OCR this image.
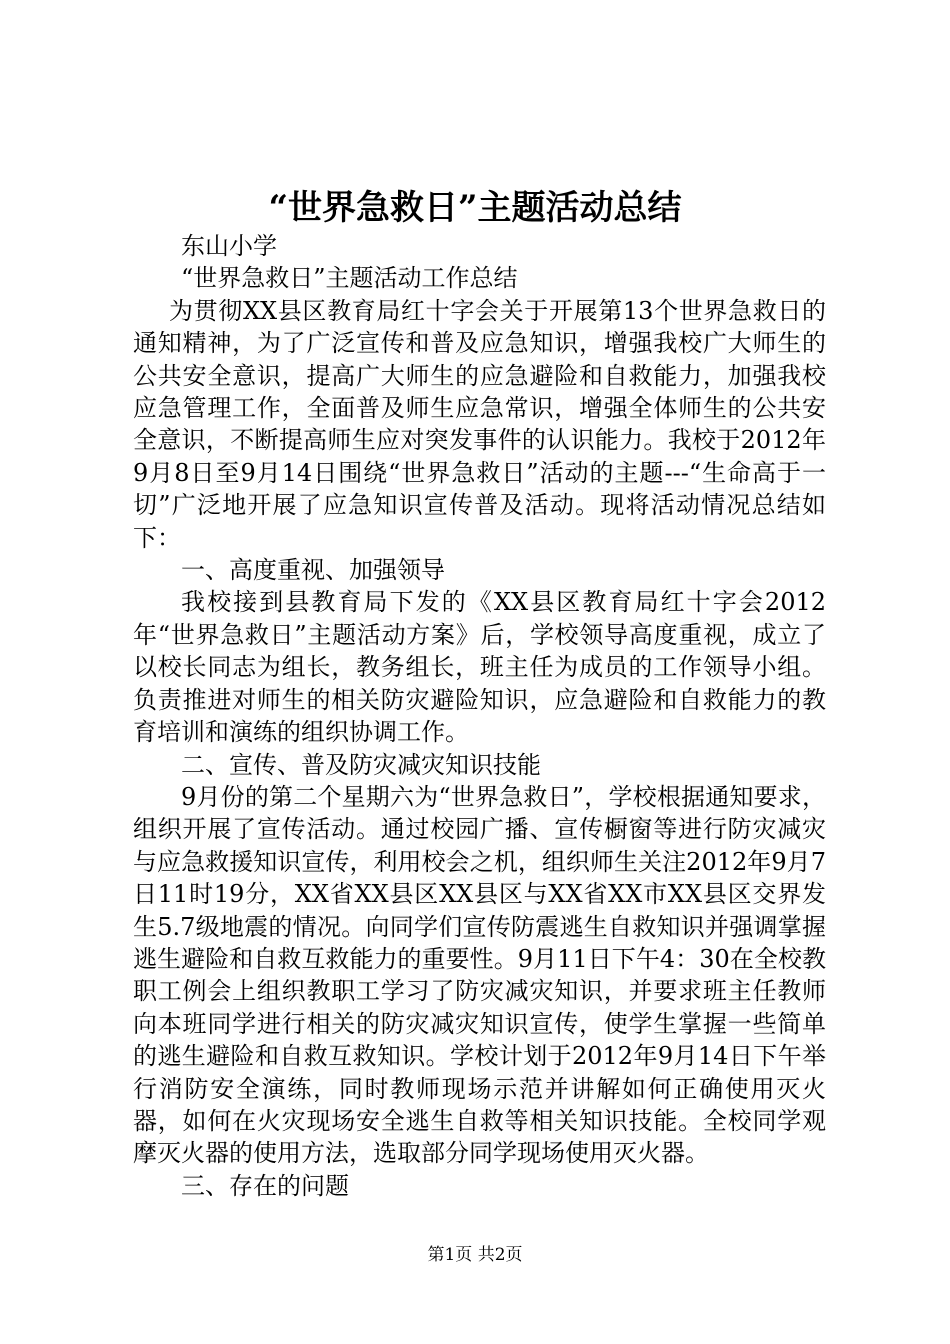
“世界急救日”主题活动总结

东山小学

“世界急救日”主题活动工作总结

为贯彻XX县区教育局红十字会关于开展第13个世界急救日的通知精神，为了广泛宣传和普及应急知识，增强我校广大师生的公共安全意识，提高广大师生的应急避险和自救能力，加强我校应急管理工作，全面普及师生应急常识，增强全体师生的公共安全意识，不断提高师生应对突发事件的认识能力。我校于2012年9月8日至9月14日围绕“世界急救日”活动的主题---“生命高于一切”广泛地开展了应急知识宣传普及活动。现将活动情况总结如下：

一、高度重视、加强领导

我校接到县教育局下发的《XX县区教育局红十字会2012年“世界急救日”主题活动方案》后，学校领导高度重视，成立了以校长同志为组长，教务组长，班主任为成员的工作领导小组。负责推进对师生的相关防灾避险知识，应急避险和自救能力的教育培训和演练的组织协调工作。

二、宣传、普及防灾减灾知识技能

9月份的第二个星期六为“世界急救日”，学校根据通知要求，组织开展了宣传活动。通过校园广播、宣传橱窗等进行防灾减灾与应急救援知识宣传，利用校会之机，组织师生关注2012年9月7日11时19分，XX省XX县区XX县区与XX省XX市XX县区交界发生5.7级地震的情况。向同学们宣传防震逃生自救知识并强调掌握逃生避险和自救互救能力的重要性。9月11日下午4：30在全校教职工例会上组织教职工学习了防灾减灾知识，并要求班主任教师向本班同学进行相关的防灾减灾知识宣传，使学生掌握一些简单的逃生避险和自救互救知识。学校计划于2012年9月14日下午举行消防安全演练，同时教师现场示范并讲解如何正确使用灭火器，如何在火灾现场安全逃生自救等相关知识技能。全校同学观摩灭火器的使用方法，选取部分同学现场使用灭火器。

三、存在的问题

第1页 共2页
